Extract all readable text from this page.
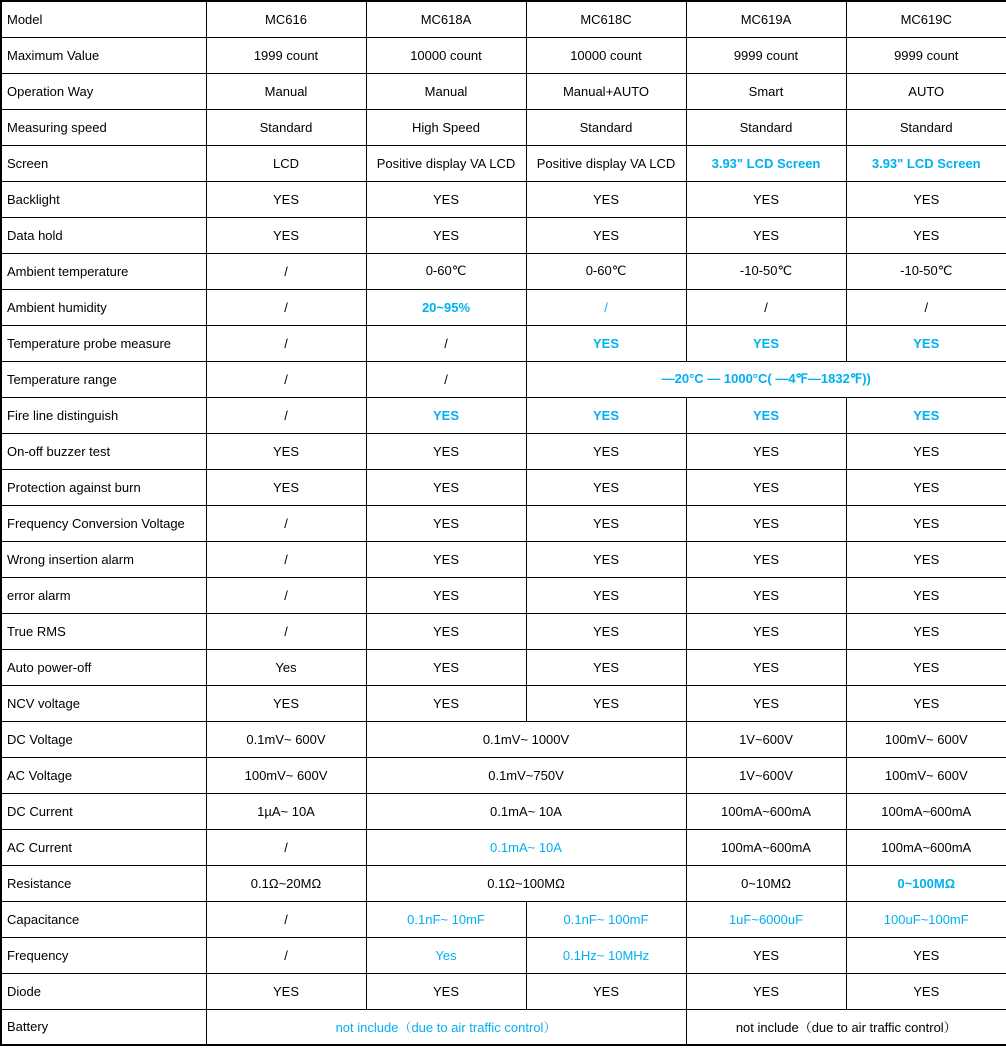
Model	MC616	MC618A	MC618C	MC619A	MC619C
Maximum Value	1999 count	10000 count	10000 count	9999 count	9999 count
Operation Way	Manual	Manual	Manual+AUTO	Smart	AUTO
Measuring speed	Standard	High Speed	Standard	Standard	Standard
Screen	LCD	Positive display VA LCD	Positive display VA LCD	3.93" LCD Screen	3.93" LCD Screen
Backlight	YES	YES	YES	YES	YES
Data hold	YES	YES	YES	YES	YES
Ambient temperature	/	0-60℃	0-60℃	-10-50℃	-10-50℃
Ambient humidity	/	20~95%	/	/	/
Temperature probe measure	/	/	YES	YES	YES
Temperature range	/	/	—20°C — 1000°C( —4℉—1832℉))		
Fire line distinguish	/	YES	YES	YES	YES
On-off buzzer test	YES	YES	YES	YES	YES
Protection against burn	YES	YES	YES	YES	YES
Frequency Conversion Voltage	/	YES	YES	YES	YES
Wrong insertion alarm	/	YES	YES	YES	YES
error alarm	/	YES	YES	YES	YES
True RMS	/	YES	YES	YES	YES
Auto power-off	Yes	YES	YES	YES	YES
NCV voltage	YES	YES	YES	YES	YES
DC Voltage	0.1mV~ 600V	0.1mV~ 1000V		1V~600V	100mV~ 600V
AC Voltage	100mV~ 600V	0.1mV~750V		1V~600V	100mV~ 600V
DC Current	1µA~ 10A	0.1mA~ 10A		100mA~600mA	100mA~600mA
AC Current	/	0.1mA~ 10A		100mA~600mA	100mA~600mA
Resistance	0.1Ω~20MΩ	0.1Ω~100MΩ		0~10MΩ	0~100MΩ
Capacitance	/	0.1nF~ 10mF	0.1nF~ 100mF	1uF~6000uF	100uF~100mF
Frequency	/	Yes	0.1Hz~ 10MHz	YES	YES
Diode	YES	YES	YES	YES	YES
Battery	not include（due to air traffic control）			not include（due to air traffic control）	
